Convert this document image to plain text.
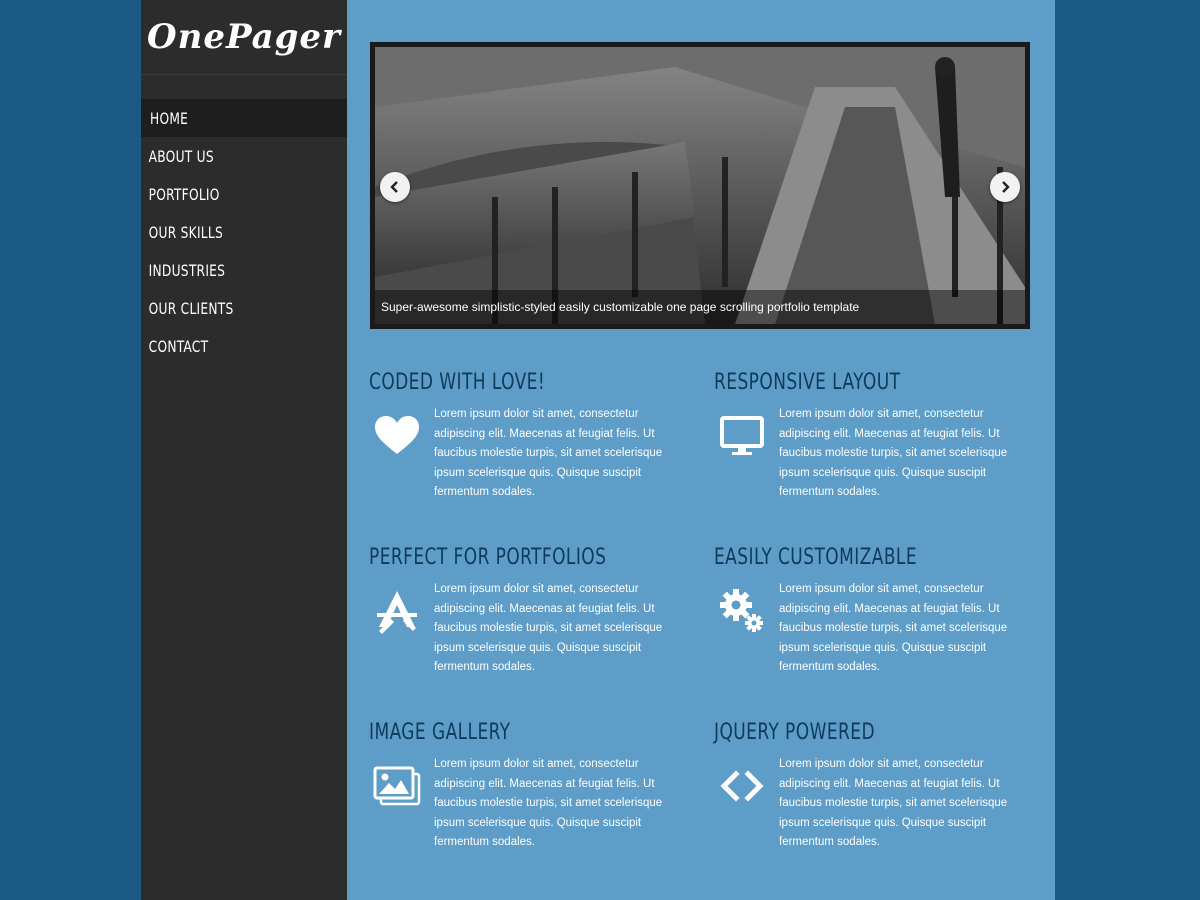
OnePager
HOME
ABOUT US
PORTFOLIO
OUR SKILLS
INDUSTRIES
OUR CLIENTS
CONTACT
Super-awesome simplistic-styled easily customizable one page scrolling portfolio template
CODED WITH LOVE!

Lorem ipsum dolor sit amet, consectetur adipiscing elit. Maecenas at feugiat felis. Ut faucibus molestie turpis, sit amet scelerisque ipsum scelerisque quis. Quisque suscipit fermentum sodales.

RESPONSIVE LAYOUT

Lorem ipsum dolor sit amet, consectetur adipiscing elit. Maecenas at feugiat felis. Ut faucibus molestie turpis, sit amet scelerisque ipsum scelerisque quis. Quisque suscipit fermentum sodales.

PERFECT FOR PORTFOLIOS

Lorem ipsum dolor sit amet, consectetur adipiscing elit. Maecenas at feugiat felis. Ut faucibus molestie turpis, sit amet scelerisque ipsum scelerisque quis. Quisque suscipit fermentum sodales.

EASILY CUSTOMIZABLE

Lorem ipsum dolor sit amet, consectetur adipiscing elit. Maecenas at feugiat felis. Ut faucibus molestie turpis, sit amet scelerisque ipsum scelerisque quis. Quisque suscipit fermentum sodales.

IMAGE GALLERY

Lorem ipsum dolor sit amet, consectetur adipiscing elit. Maecenas at feugiat felis. Ut faucibus molestie turpis, sit amet scelerisque ipsum scelerisque quis. Quisque suscipit fermentum sodales.

JQUERY POWERED

Lorem ipsum dolor sit amet, consectetur adipiscing elit. Maecenas at feugiat felis. Ut faucibus molestie turpis, sit amet scelerisque ipsum scelerisque quis. Quisque suscipit fermentum sodales.
